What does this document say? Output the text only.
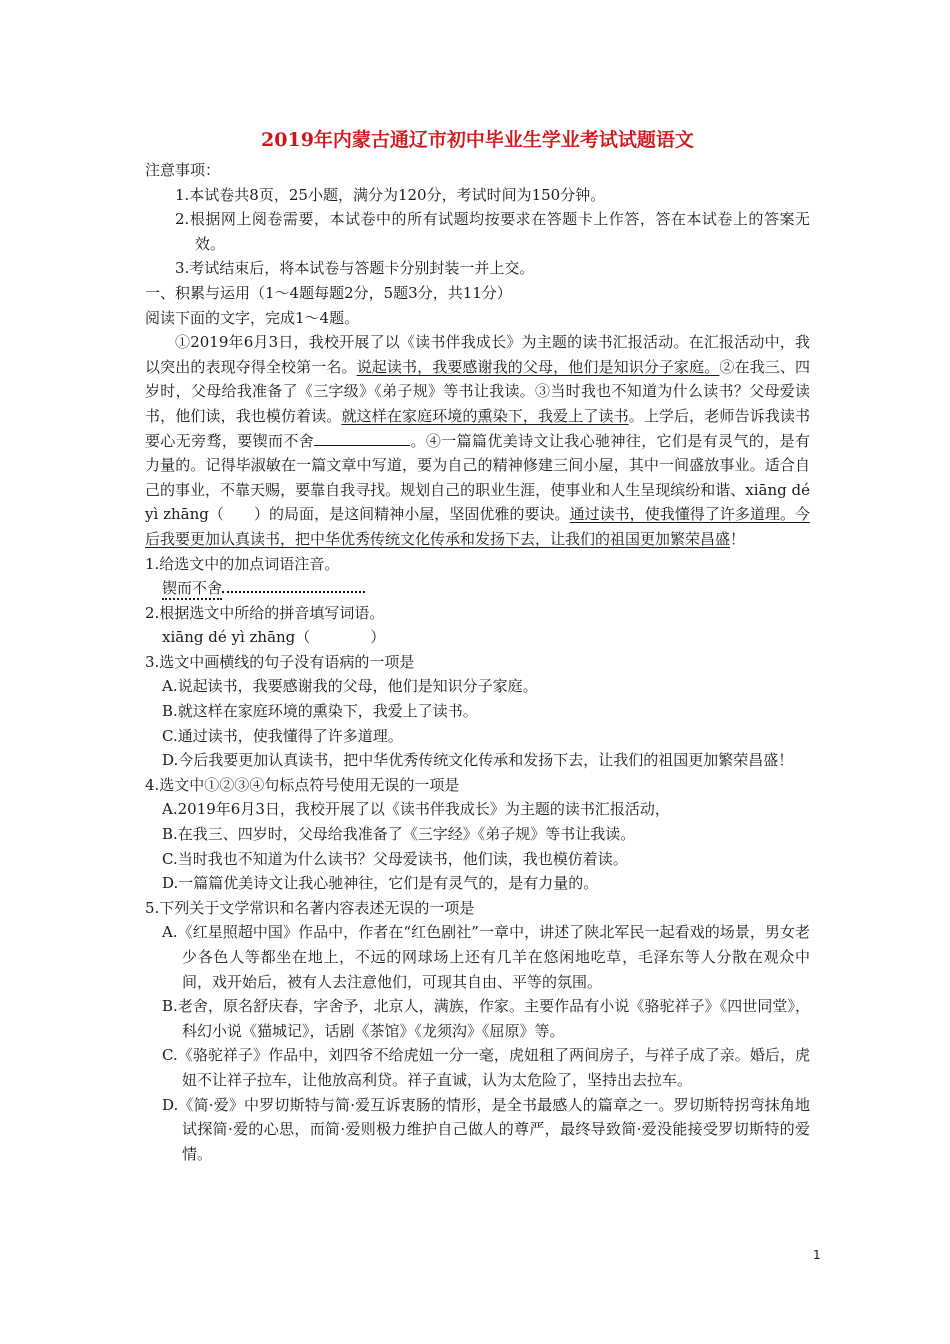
2019年内蒙古通辽市初中毕业生学业考试试题语文

注意事项：

1.本试卷共8页，25小题，满分为120分，考试时间为150分钟。

2.根据网上阅卷需要，本试卷中的所有试题均按要求在答题卡上作答，答在本试卷上的答案无效。

3.考试结束后，将本试卷与答题卡分别封装一并上交。

一、积累与运用（1～4题每题2分，5题3分，共11分）

阅读下面的文字，完成1～4题。

①2019年6月3日，我校开展了以《读书伴我成长》为主题的读书汇报活动。在汇报活动中，我以突出的表现夺得全校第一名。说起读书，我要感谢我的父母，他们是知识分子家庭。②在我三、四岁时，父母给我准备了《三字级》《弟子规》等书让我读。③当时我也不知道为什么读书？父母爱读书，他们读，我也模仿着读。就这样在家庭环境的熏染下，我爱上了读书。上学后，老师告诉我读书要心无旁骛，要锲而不舍	。④一篇篇优美诗文让我心驰神往，它们是有灵气的，是有力量的。记得毕淑敏在一篇文章中写道，要为自己的精神修建三间小屋，其中一间盛放事业。适合自己的事业，不靠天赐，要靠自我寻找。规划自己的职业生涯，使事业和人生呈现缤纷和谐、xiāng dé yì zhāng（　　）的局面，是这间精神小屋，坚固优雅的要诀。通过读书，使我懂得了许多道理。今后我要更加认真读书，把中华优秀传统文化传承和发扬下去，让我们的祖国更加繁荣昌盛！

1.给选文中的加点词语注音。

锲而不舍

2.根据选文中所给的拼音填写词语。

xiāng dé yì zhāng（　　　　）

3.选文中画横线的句子没有语病的一项是

A.说起读书，我要感谢我的父母，他们是知识分子家庭。

B.就这样在家庭环境的熏染下，我爱上了读书。

C.通过读书，使我懂得了许多道理。

D.今后我要更加认真读书，把中华优秀传统文化传承和发扬下去，让我们的祖国更加繁荣昌盛！

4.选文中①②③④句标点符号使用无误的一项是

A.2019年6月3日，我校开展了以《读书伴我成长》为主题的读书汇报活动，

B.在我三、四岁时，父母给我准备了《三字经》《弟子规》等书让我读。

C.当时我也不知道为什么读书？父母爱读书，他们读，我也模仿着读。

D.一篇篇优美诗文让我心驰神往，它们是有灵气的，是有力量的。

5.下列关于文学常识和名著内容表述无误的一项是

A.《红星照超中国》作品中，作者在“红色剧社”一章中，讲述了陕北军民一起看戏的场景，男女老少各色人等都坐在地上，不远的网球场上还有几羊在悠闲地吃草，毛泽东等人分散在观众中间，戏开始后，被有人去注意他们，可现其自由、平等的氛围。

B.老舍，原名舒庆春，字舍予，北京人，满族，作家。主要作品有小说《骆驼祥子》《四世同堂》，科幻小说《猫城记》，话剧《茶馆》《龙须沟》《屈原》等。

C.《骆驼祥子》作品中，刘四爷不给虎妞一分一毫，虎妞租了两间房子，与祥子成了亲。婚后，虎妞不让祥子拉车，让他放高利贷。祥子直诚，认为太危险了，坚持出去拉车。

D.《简·爱》中罗切斯特与简·爱互诉衷肠的情形，是全书最感人的篇章之一。罗切斯特拐弯抹角地试探简·爱的心思，而简·爱则极力维护自己做人的尊严，最终导致简·爱没能接受罗切斯特的爱情。

1
